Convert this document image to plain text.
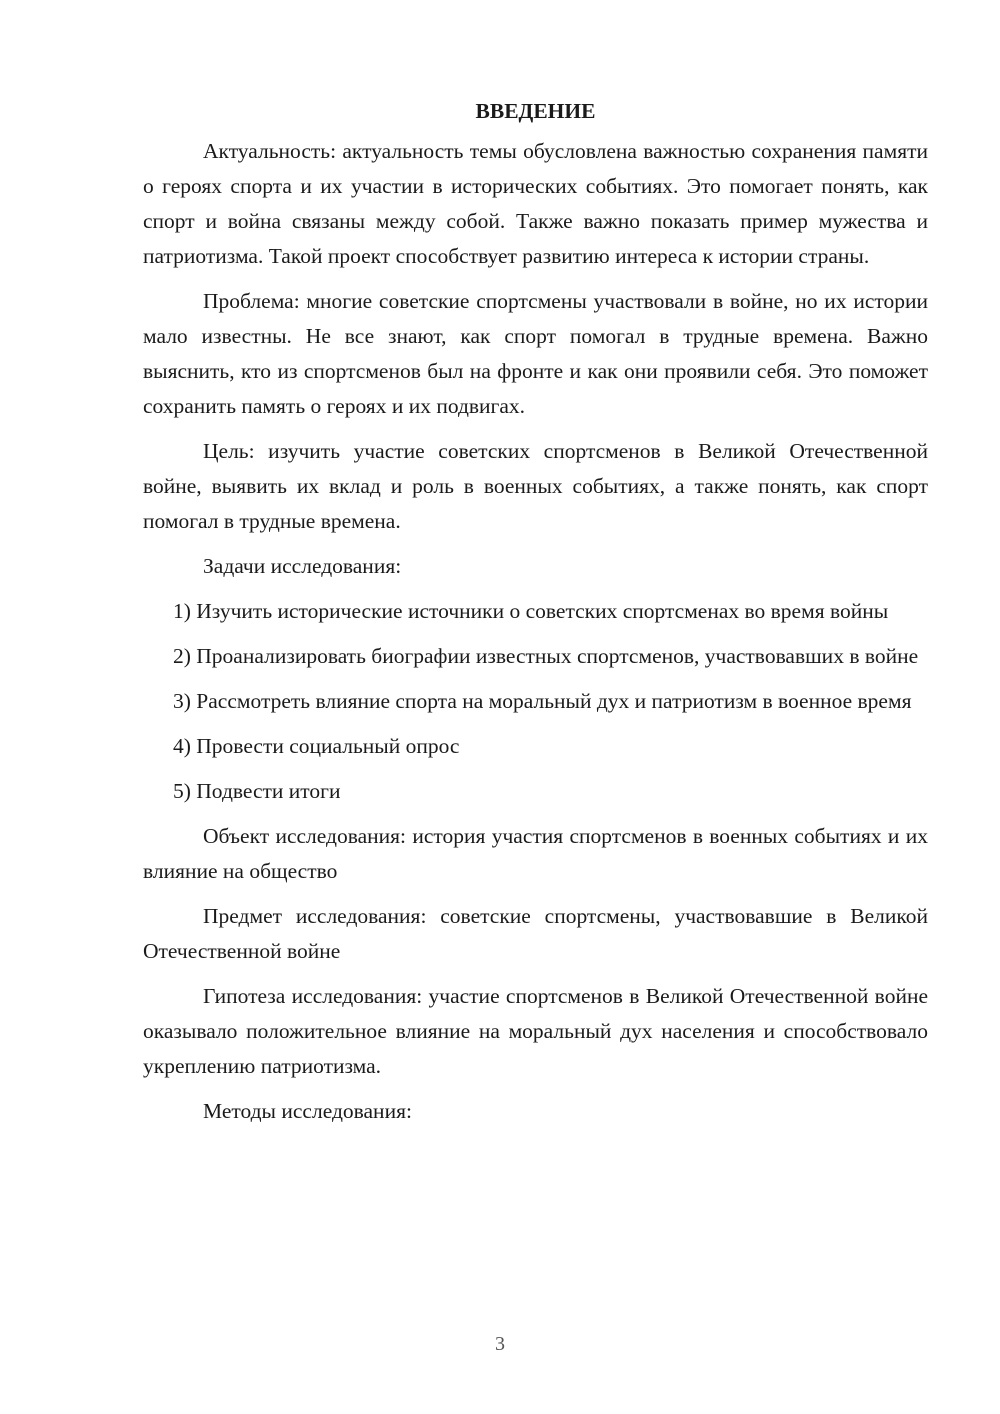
ВВЕДЕНИЕ

Актуальность: актуальность темы обусловлена важностью сохранения памяти о героях спорта и их участии в исторических событиях. Это помогает понять, как спорт и война связаны между собой. Также важно показать пример мужества и патриотизма. Такой проект способствует развитию интереса к истории страны.

Проблема: многие советские спортсмены участвовали в войне, но их истории мало известны. Не все знают, как спорт помогал в трудные времена. Важно выяснить, кто из спортсменов был на фронте и как они проявили себя. Это поможет сохранить память о героях и их подвигах.

Цель: изучить участие советских спортсменов в Великой Отечественной войне, выявить их вклад и роль в военных событиях, а также понять, как спорт помогал в трудные времена.

Задачи исследования:

1) Изучить исторические источники о советских спортсменах во время войны

2) Проанализировать биографии известных спортсменов, участвовавших в войне

3) Рассмотреть влияние спорта на моральный дух и патриотизм в военное время

4) Провести социальный опрос

5) Подвести итоги

Объект исследования: история участия спортсменов в военных событиях и их влияние на общество

Предмет исследования: советские спортсмены, участвовавшие в Великой Отечественной войне

Гипотеза исследования: участие спортсменов в Великой Отечественной войне оказывало положительное влияние на моральный дух населения и способствовало укреплению патриотизма.

Методы исследования:

3
